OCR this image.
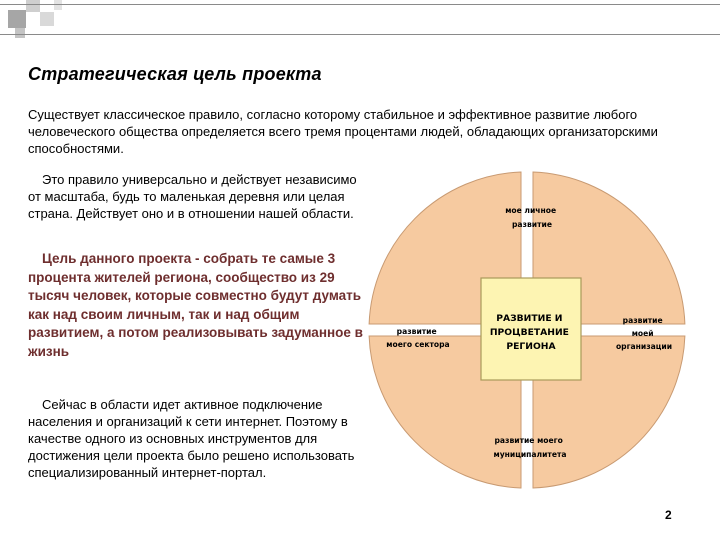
Стратегическая цель проекта
Существует классическое правило, согласно которому стабильное и эффективное развитие любого человеческого общества определяется всего тремя процентами людей, обладающих организаторскими способностями.
Это правило универсально и действует независимо от масштаба, будь то маленькая деревня или целая страна. Действует оно и в отношении нашей области.
Цель данного проекта - собрать те самые 3 процента жителей региона, сообщество из 29 тысяч человек, которые совместно будут думать как над своим личным, так и над общим развитием, а потом реализовывать задуманное в жизнь
Сейчас в области идет активное подключение населения и организаций к сети интернет. Поэтому в качестве одного из основных инструментов для достижения цели проекта было решено использовать специализированный интернет-портал.
мое личное развитие
развитие моего сектора
развитие моей организации
развитие моего муниципалитета
РАЗВИТИЕ И ПРОЦВЕТАНИЕ РЕГИОНА
2
